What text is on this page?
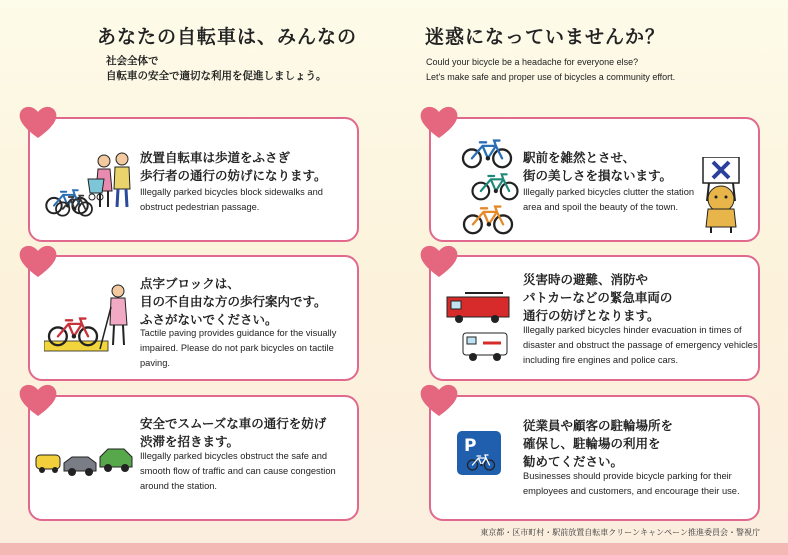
あなたの自転車は、みんなの	迷惑になっていませんか？
社会全体で
自転車の安全で適切な利用を促進しましょう。
Could your bicycle be a headache for everyone else?
Let's make safe and proper use of bicycles a community effort.
放置自転車は歩道をふさぎ
歩行者の通行の妨げになります。
Illegally parked bicycles block sidewalks and
obstruct pedestrian passage.
駅前を雑然とさせ、
街の美しさを損ないます。
Illegally parked bicycles clutter the station
area and spoil the beauty of the town.
点字ブロックは、
目の不自由な方の歩行案内です。
ふさがないでください。
Tactile paving provides guidance for the visually
impaired. Please do not park bicycles on tactile
paving.
災害時の避難、消防や
パトカーなどの緊急車両の
通行の妨げとなります。
Illegally parked bicycles hinder evacuation in times of
disaster and obstruct the passage of emergency vehicles
including fire engines and police cars.
安全でスムーズな車の通行を妨げ
渋滞を招きます。
Illegally parked bicycles obstruct the safe and
smooth flow of traffic and can cause congestion
around the station.
従業員や顧客の駐輪場所を
確保し、駐輪場の利用を
勧めてください。
Businesses should provide bicycle parking for their
employees and customers, and encourage their use.
P
東京都・区市町村・駅前放置自転車クリーンキャンペーン推進委員会・警視庁
